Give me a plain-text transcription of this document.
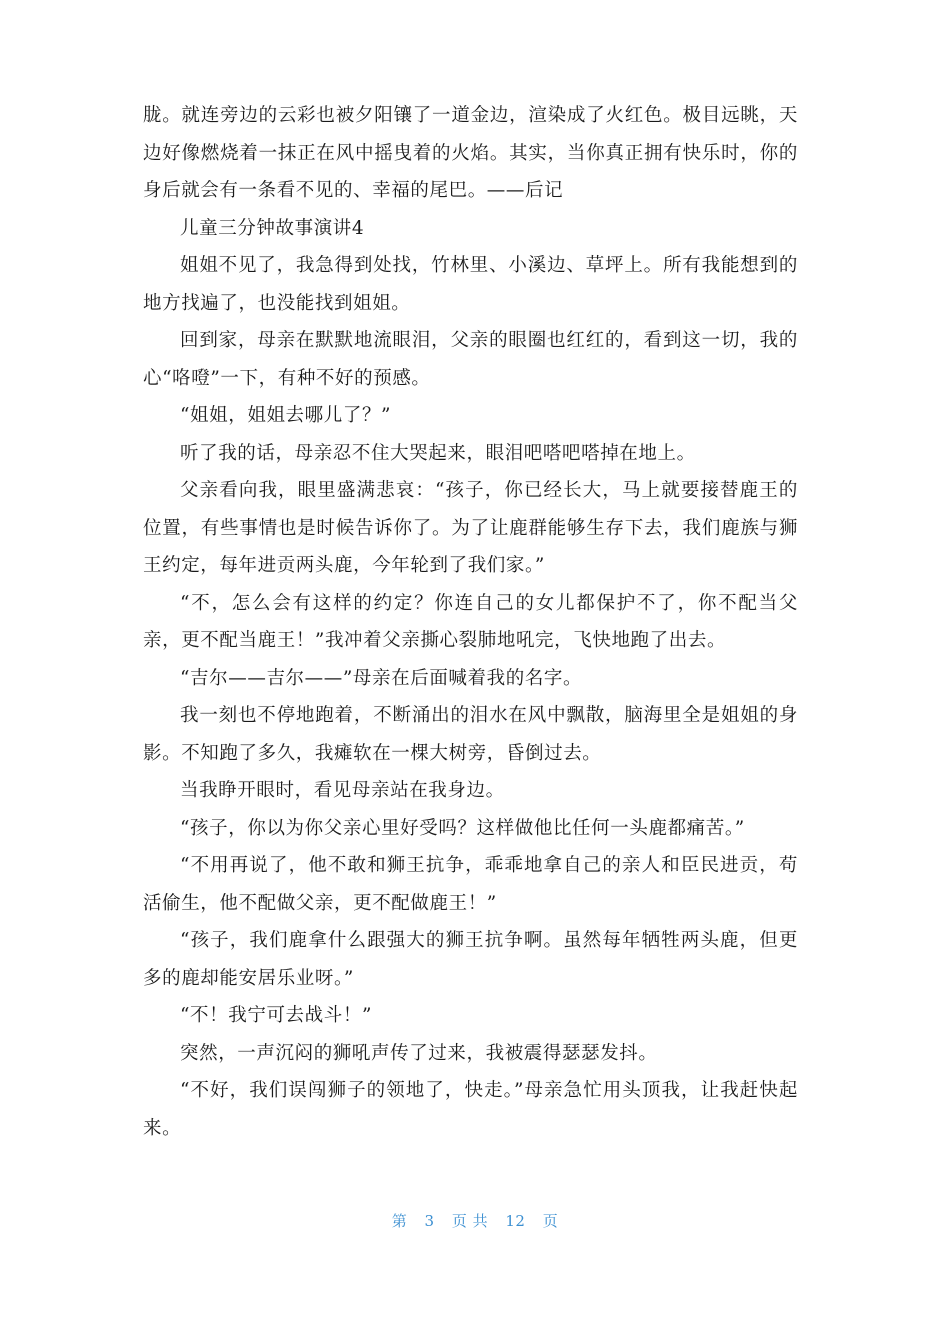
胧。就连旁边的云彩也被夕阳镶了一道金边，渲染成了火红色。极目远眺，天边好像燃烧着一抹正在风中摇曳着的火焰。其实，当你真正拥有快乐时，你的身后就会有一条看不见的、幸福的尾巴。——后记

儿童三分钟故事演讲4

姐姐不见了，我急得到处找，竹林里、小溪边、草坪上。所有我能想到的地方找遍了，也没能找到姐姐。

回到家，母亲在默默地流眼泪，父亲的眼圈也红红的，看到这一切，我的心“咯噔”一下，有种不好的预感。

“姐姐，姐姐去哪儿了？”

听了我的话，母亲忍不住大哭起来，眼泪吧嗒吧嗒掉在地上。

父亲看向我，眼里盛满悲哀：“孩子，你已经长大，马上就要接替鹿王的位置，有些事情也是时候告诉你了。为了让鹿群能够生存下去，我们鹿族与狮王约定，每年进贡两头鹿，今年轮到了我们家。”

“不，怎么会有这样的约定？你连自己的女儿都保护不了，你不配当父亲，更不配当鹿王！”我冲着父亲撕心裂肺地吼完，飞快地跑了出去。

“吉尔——吉尔——”母亲在后面喊着我的名字。

我一刻也不停地跑着，不断涌出的泪水在风中飘散，脑海里全是姐姐的身影。不知跑了多久，我瘫软在一棵大树旁，昏倒过去。

当我睁开眼时，看见母亲站在我身边。

“孩子，你以为你父亲心里好受吗？这样做他比任何一头鹿都痛苦。”

“不用再说了，他不敢和狮王抗争，乖乖地拿自己的亲人和臣民进贡，苟活偷生，他不配做父亲，更不配做鹿王！”

“孩子，我们鹿拿什么跟强大的狮王抗争啊。虽然每年牺牲两头鹿，但更多的鹿却能安居乐业呀。”

“不！我宁可去战斗！”

突然，一声沉闷的狮吼声传了过来，我被震得瑟瑟发抖。

“不好，我们误闯狮子的领地了，快走。”母亲急忙用头顶我，让我赶快起来。

第 3 页 共 12 页
